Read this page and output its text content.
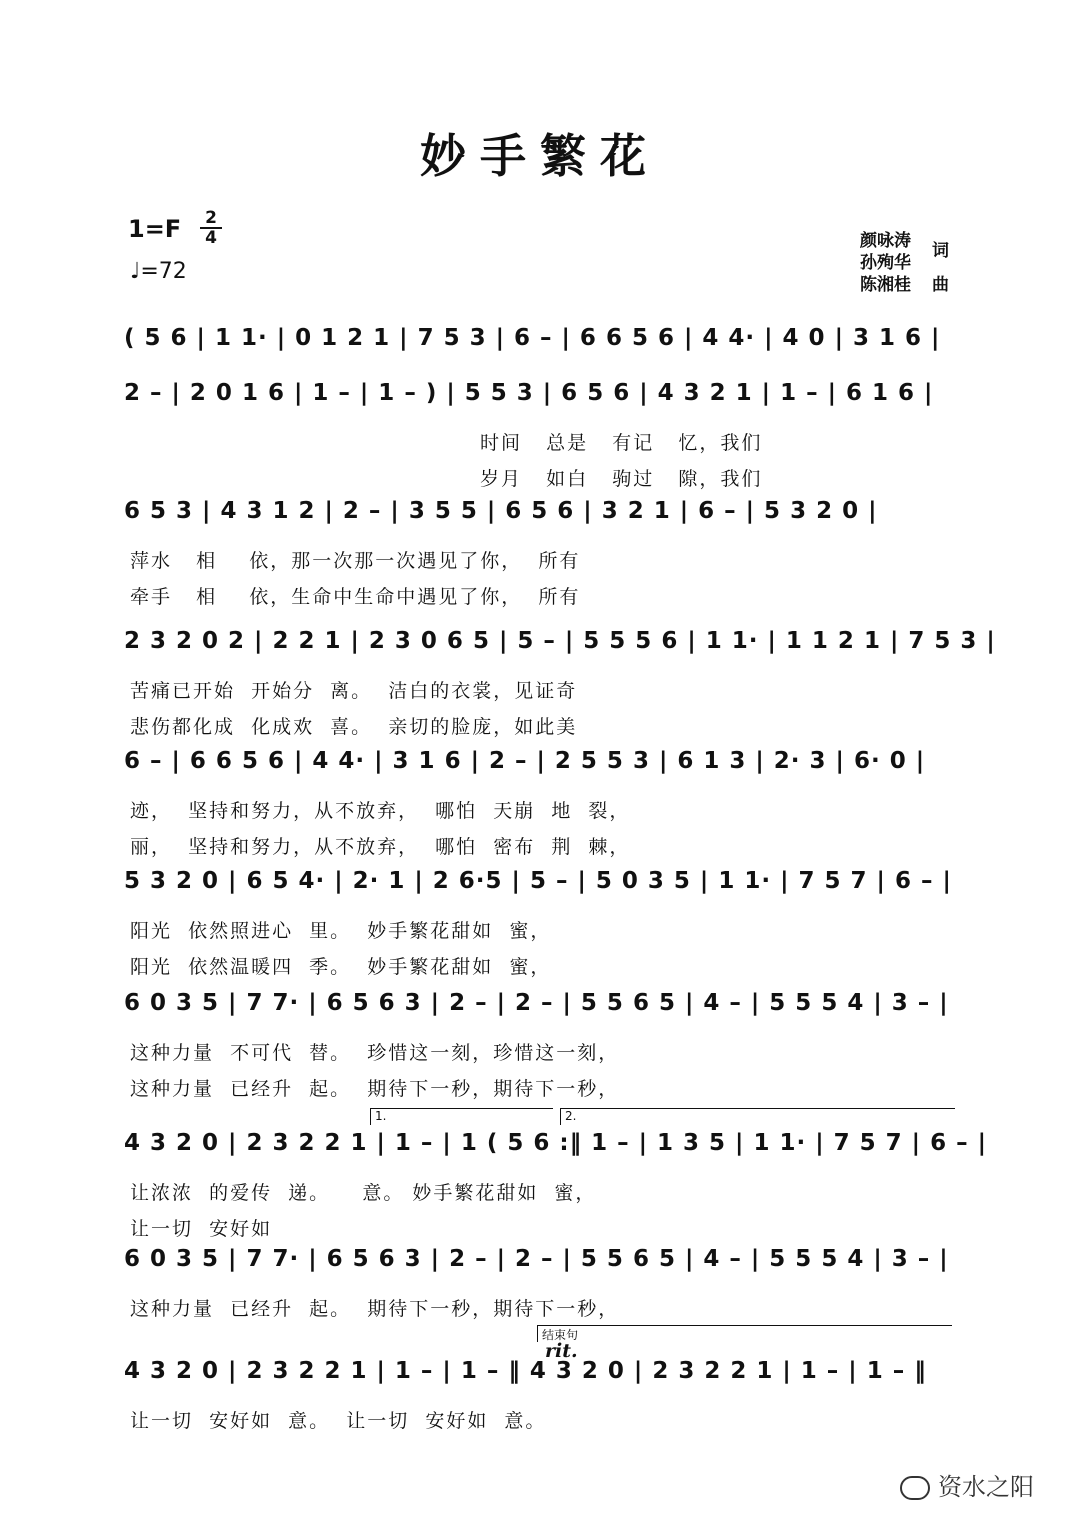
妙手繁花
1=F 2
4
♩=72
颜咏涛
孙殉华
陈湘桂
词
曲
( 5 6 | 1 1· | 0 1 2 1 | 7 5 3 | 6 – | 6 6 5 6 | 4 4· | 4 0 | 3 1 6 |
2 – | 2 0 1 6 | 1 – | 1 – ) | 5 5 3 | 6 5 6 | 4 3 2 1 | 1 – | 6 1 6 |
时间   总是   有记   忆，我们
岁月   如白   驹过   隙，我们
6 5 3 | 4 3 1 2 | 2 – | 3 5 5 | 6 5 6 | 3 2 1 | 6 – | 5 3 2 0 |
萍水   相    依，那一次那一次遇见了你，  所有
牵手   相    依，生命中生命中遇见了你，  所有
2 3 2 0 2 | 2 2 1 | 2 3 0 6 5 | 5 – | 5 5 5 6 | 1 1· | 1 1 2 1 | 7 5 3 |
苦痛已开始  开始分  离。  洁白的衣裳，见证奇
悲伤都化成  化成欢  喜。  亲切的脸庞，如此美
6 – | 6 6 5 6 | 4 4· | 3 1 6 | 2 – | 2 5 5 3 | 6 1 3 | 2· 3 | 6· 0 |
迹，  坚持和努力，从不放弃，  哪怕  天崩  地  裂，
丽，  坚持和努力，从不放弃，  哪怕  密布  荆  棘，
5 3 2 0 | 6 5 4· | 2· 1 | 2 6·5 | 5 – | 5 0 3 5 | 1 1· | 7 5 7 | 6 – |
阳光  依然照进心  里。  妙手繁花甜如  蜜，
阳光  依然温暖四  季。  妙手繁花甜如  蜜，
6 0 3 5 | 7 7· | 6 5 6 3 | 2 – | 2 – | 5 5 6 5 | 4 – | 5 5 5 4 | 3 – |
这种力量  不可代  替。  珍惜这一刻，珍惜这一刻，
这种力量  已经升  起。  期待下一秒，期待下一秒，
4 3 2 0 | 2 3 2 2 1 | 1 – | 1 ( 5 6 :‖ 1 – | 1 3 5 | 1 1· | 7 5 7 | 6 – |
让浓浓  的爱传  递。    意。 妙手繁花甜如  蜜，
让一切  安好如
6 0 3 5 | 7 7· | 6 5 6 3 | 2 – | 2 – | 5 5 6 5 | 4 – | 5 5 5 4 | 3 – |
这种力量  已经升  起。  期待下一秒，期待下一秒，
4 3 2 0 | 2 3 2 2 1 | 1 – | 1 – ‖ 4 3 2 0 | 2 3 2 2 1 | 1 – | 1 – ‖
让一切  安好如  意。  让一切  安好如  意。
1.	2.
结束句
rit.
资水之阳
